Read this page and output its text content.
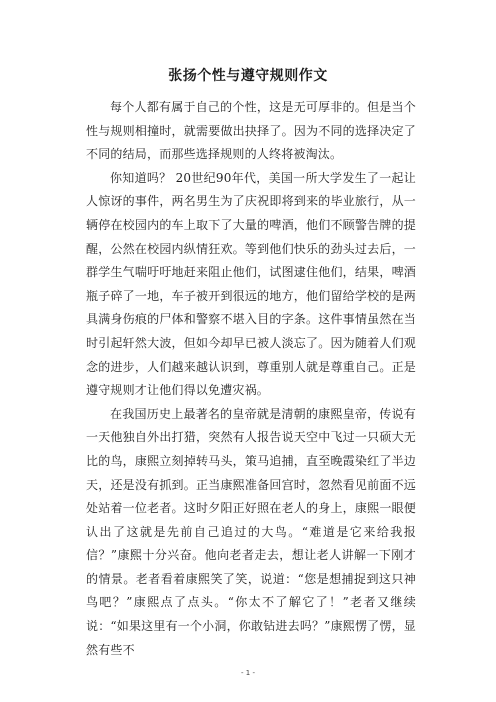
张扬个性与遵守规则作文

每个人都有属于自己的个性，这是无可厚非的。但是当个性与规则相撞时，就需要做出抉择了。因为不同的选择决定了不同的结局，而那些选择规则的人终将被淘汰。

你知道吗？ 20世纪90年代，美国一所大学发生了一起让人惊讶的事件，两名男生为了庆祝即将到来的毕业旅行，从一辆停在校园内的车上取下了大量的啤酒，他们不顾警告牌的提醒，公然在校园内纵情狂欢。等到他们快乐的劲头过去后，一群学生气喘吁吁地赶来阻止他们，试图逮住他们，结果，啤酒瓶子碎了一地，车子被开到很远的地方，他们留给学校的是两具满身伤痕的尸体和警察不堪入目的字条。这件事情虽然在当时引起轩然大波，但如今却早已被人淡忘了。因为随着人们观念的进步，人们越来越认识到，尊重别人就是尊重自己。正是遵守规则才让他们得以免遭灾祸。

在我国历史上最著名的皇帝就是清朝的康熙皇帝，传说有一天他独自外出打猎，突然有人报告说天空中飞过一只硕大无比的鸟，康熙立刻掉转马头，策马追捕，直至晚霞染红了半边天，还是没有抓到。正当康熙准备回宫时，忽然看见前面不远处站着一位老者。这时夕阳正好照在老人的身上，康熙一眼便认出了这就是先前自己追过的大鸟。“难道是它来给我报信？”康熙十分兴奋。他向老者走去，想让老人讲解一下刚才的情景。老者看着康熙笑了笑，说道：“您是想捕捉到这只神鸟吧？”康熙点了点头。“你太不了解它了！”老者又继续说：“如果这里有一个小洞，你敢钻进去吗？”康熙愣了愣，显然有些不

- 1 -
